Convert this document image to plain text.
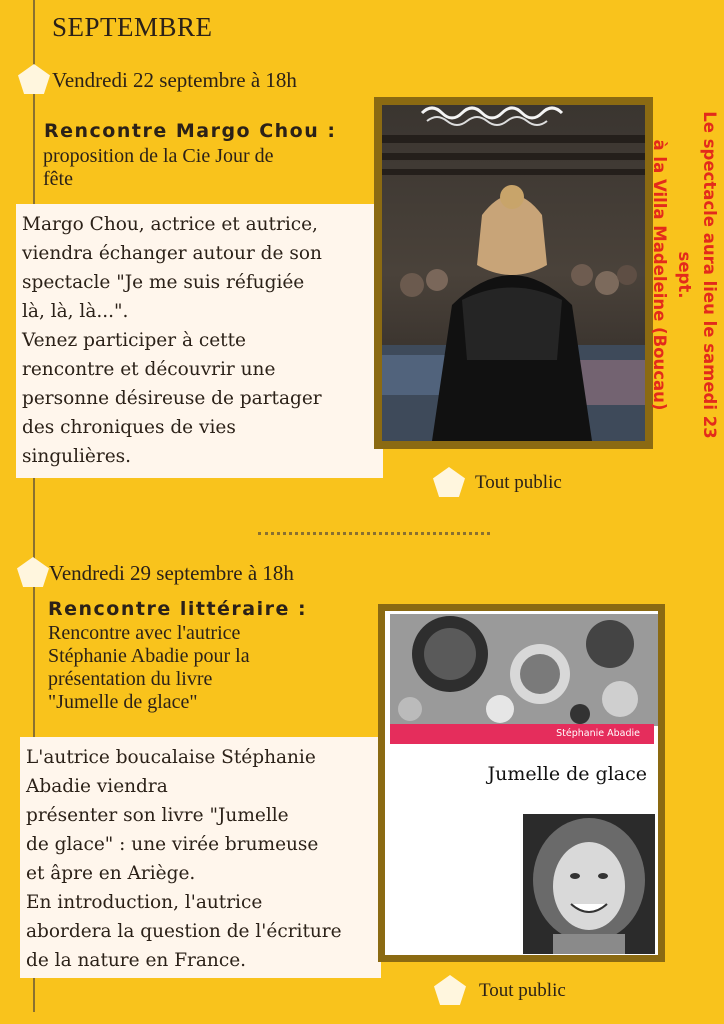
SEPTEMBRE
Vendredi 22 septembre à 18h
Rencontre Margo Chou :
proposition de la Cie Jour de
fête
Margo Chou, actrice et autrice,
viendra échanger autour de son
spectacle "Je me suis réfugiée
là, là, là...".
Venez participer à cette
rencontre et découvrir une
personne désireuse de partager
des chroniques de vies
singulières.
Le spectacle aura lieu le samedi 23 sept.
à la Villa Madeleine (Boucau)
Tout public
Vendredi 29 septembre à 18h
Rencontre littéraire :
Rencontre avec l'autrice
Stéphanie Abadie pour la
présentation du livre
"Jumelle de glace"
L'autrice boucalaise Stéphanie
Abadie viendra
présenter son livre "Jumelle
de glace" : une virée brumeuse
et âpre en Ariège.
En introduction, l'autrice
abordera la question de l'écriture
de la nature en France.
Stéphanie Abadie
Jumelle de glace
Tout public
